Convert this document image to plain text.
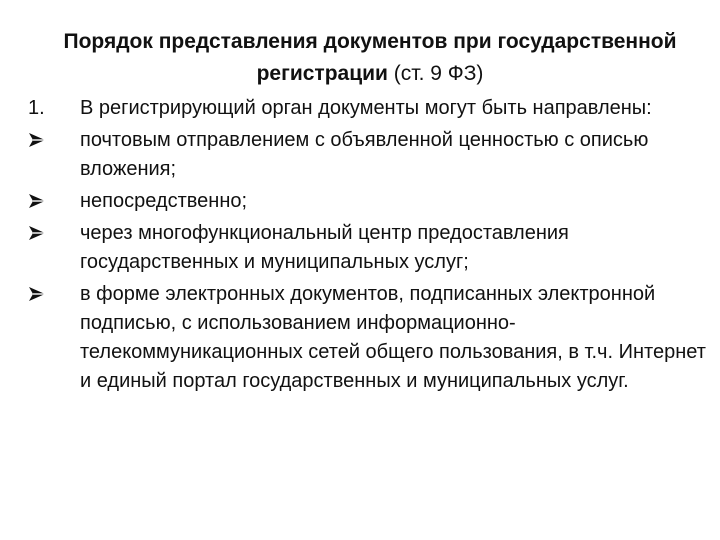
Порядок представления документов при государственной регистрации (ст. 9 ФЗ)
1.	В регистрирующий орган документы могут быть направлены:
почтовым отправлением с объявленной ценностью с описью вложения;
непосредственно;
через многофункциональный центр предоставления государственных и муниципальных услуг;
в форме электронных документов, подписанных электронной подписью, с использованием информационно-телекоммуникационных сетей общего пользования, в т.ч. Интернет и единый портал государственных и муниципальных услуг.
